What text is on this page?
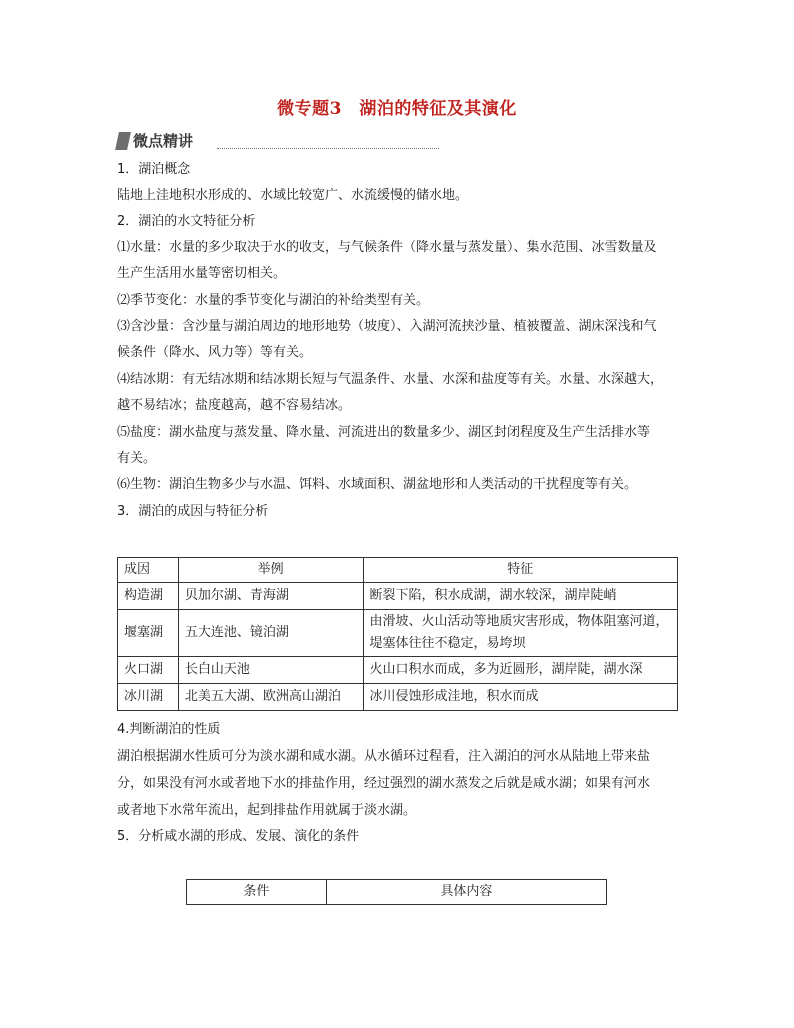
微专题3　湖泊的特征及其演化
微点精讲
1．湖泊概念
陆地上洼地积水形成的、水域比较宽广、水流缓慢的储水地。
2．湖泊的水文特征分析
⑴水量：水量的多少取决于水的收支，与气候条件（降水量与蒸发量）、集水范围、冰雪数量及
生产生活用水量等密切相关。
⑵季节变化：水量的季节变化与湖泊的补给类型有关。
⑶含沙量：含沙量与湖泊周边的地形地势（坡度）、入湖河流挟沙量、植被覆盖、湖床深浅和气
候条件（降水、风力等）等有关。
⑷结冰期：有无结冰期和结冰期长短与气温条件、水量、水深和盐度等有关。水量、水深越大，
越不易结冰；盐度越高，越不容易结冰。
⑸盐度：湖水盐度与蒸发量、降水量、河流进出的数量多少、湖区封闭程度及生产生活排水等
有关。
⑹生物：湖泊生物多少与水温、饵料、水域面积、湖盆地形和人类活动的干扰程度等有关。
3．湖泊的成因与特征分析
成因	举例	特征
构造湖	贝加尔湖、青海湖	断裂下陷，积水成湖，湖水较深，湖岸陡峭
堰塞湖	五大连池、镜泊湖	由滑坡、火山活动等地质灾害形成，物体阻塞河道，堤塞体往往不稳定，易垮坝
火口湖	长白山天池	火山口积水而成，多为近圆形，湖岸陡，湖水深
冰川湖	北美五大湖、欧洲高山湖泊	冰川侵蚀形成洼地，积水而成
4.判断湖泊的性质
湖泊根据湖水性质可分为淡水湖和咸水湖。从水循环过程看，注入湖泊的河水从陆地上带来盐
分，如果没有河水或者地下水的排盐作用，经过强烈的湖水蒸发之后就是咸水湖；如果有河水
或者地下水常年流出，起到排盐作用就属于淡水湖。
5．分析咸水湖的形成、发展、演化的条件
条件	具体内容
